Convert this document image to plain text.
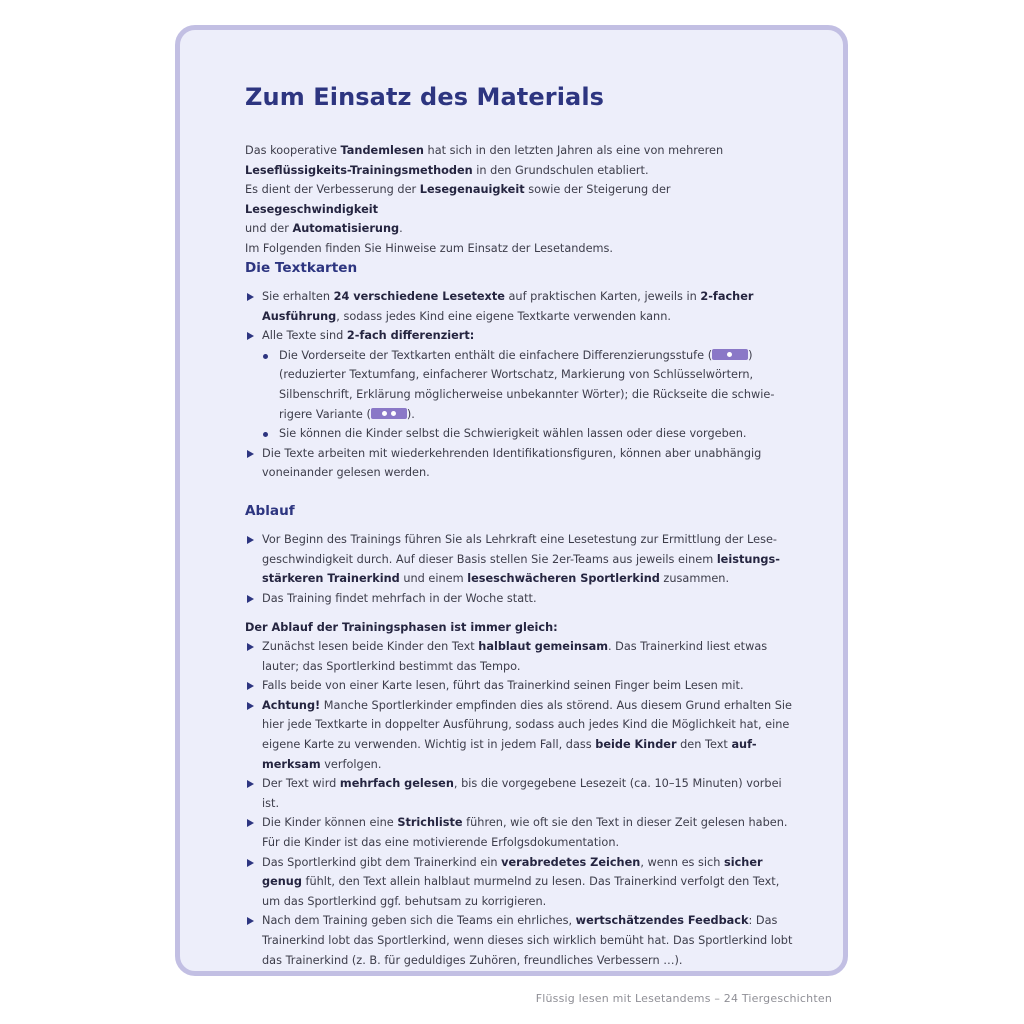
Zum Einsatz des Materials

Das kooperative Tandemlesen hat sich in den letzten Jahren als eine von mehreren
Leseflüssigkeits-Trainingsmethoden in den Grundschulen etabliert.
Es dient der Verbesserung der Lesegenauigkeit sowie der Steigerung der Lesegeschwindigkeit
und der Automatisierung.
Im Folgenden finden Sie Hinweise zum Einsatz der Lesetandems.

Die Textkarten
Sie erhalten 24 verschiedene Lesetexte auf praktischen Karten, jeweils in 2-facher Ausführung, sodass jedes Kind eine eigene Textkarte verwenden kann.
Alle Texte sind 2-fach differenziert:
Die Vorderseite der Textkarten enthält die einfachere Differenzierungsstufe (	) (reduzierter Textumfang, einfacherer Wortschatz, Markierung von Schlüsselwörtern, Silbenschrift, Erklärung möglicherweise unbekannter Wörter); die Rückseite die schwie-rigere Variante (	).
Sie können die Kinder selbst die Schwierigkeit wählen lassen oder diese vorgeben.
Die Texte arbeiten mit wiederkehrenden Identifikationsfiguren, können aber unabhängig voneinander gelesen werden.
Ablauf
Vor Beginn des Trainings führen Sie als Lehrkraft eine Lesetestung zur Ermittlung der Lese-geschwindigkeit durch. Auf dieser Basis stellen Sie 2er-Teams aus jeweils einem leistungs-stärkeren Trainerkind und einem leseschwächeren Sportlerkind zusammen.
Das Training findet mehrfach in der Woche statt.

Der Ablauf der Trainingsphasen ist immer gleich:

Zunächst lesen beide Kinder den Text halblaut gemeinsam. Das Trainerkind liest etwas lauter; das Sportlerkind bestimmt das Tempo.
Falls beide von einer Karte lesen, führt das Trainerkind seinen Finger beim Lesen mit.
Achtung! Manche Sportlerkinder empfinden dies als störend. Aus diesem Grund erhalten Sie hier jede Textkarte in doppelter Ausführung, sodass auch jedes Kind die Möglichkeit hat, eine eigene Karte zu verwenden. Wichtig ist in jedem Fall, dass beide Kinder den Text auf-merksam verfolgen.
Der Text wird mehrfach gelesen, bis die vorgegebene Lesezeit (ca. 10–15 Minuten) vorbei ist.
Die Kinder können eine Strichliste führen, wie oft sie den Text in dieser Zeit gelesen haben. Für die Kinder ist das eine motivierende Erfolgsdokumentation.
Das Sportlerkind gibt dem Trainerkind ein verabredetes Zeichen, wenn es sich sicher genug fühlt, den Text allein halblaut murmelnd zu lesen. Das Trainerkind verfolgt den Text, um das Sportlerkind ggf. behutsam zu korrigieren.
Nach dem Training geben sich die Teams ein ehrliches, wertschätzendes Feedback: Das Trainerkind lobt das Sportlerkind, wenn dieses sich wirklich bemüht hat. Das Sportlerkind lobt das Trainerkind (z. B. für geduldiges Zuhören, freundliches Verbessern …).
Flüssig lesen mit Lesetandems – 24 Tiergeschichten
